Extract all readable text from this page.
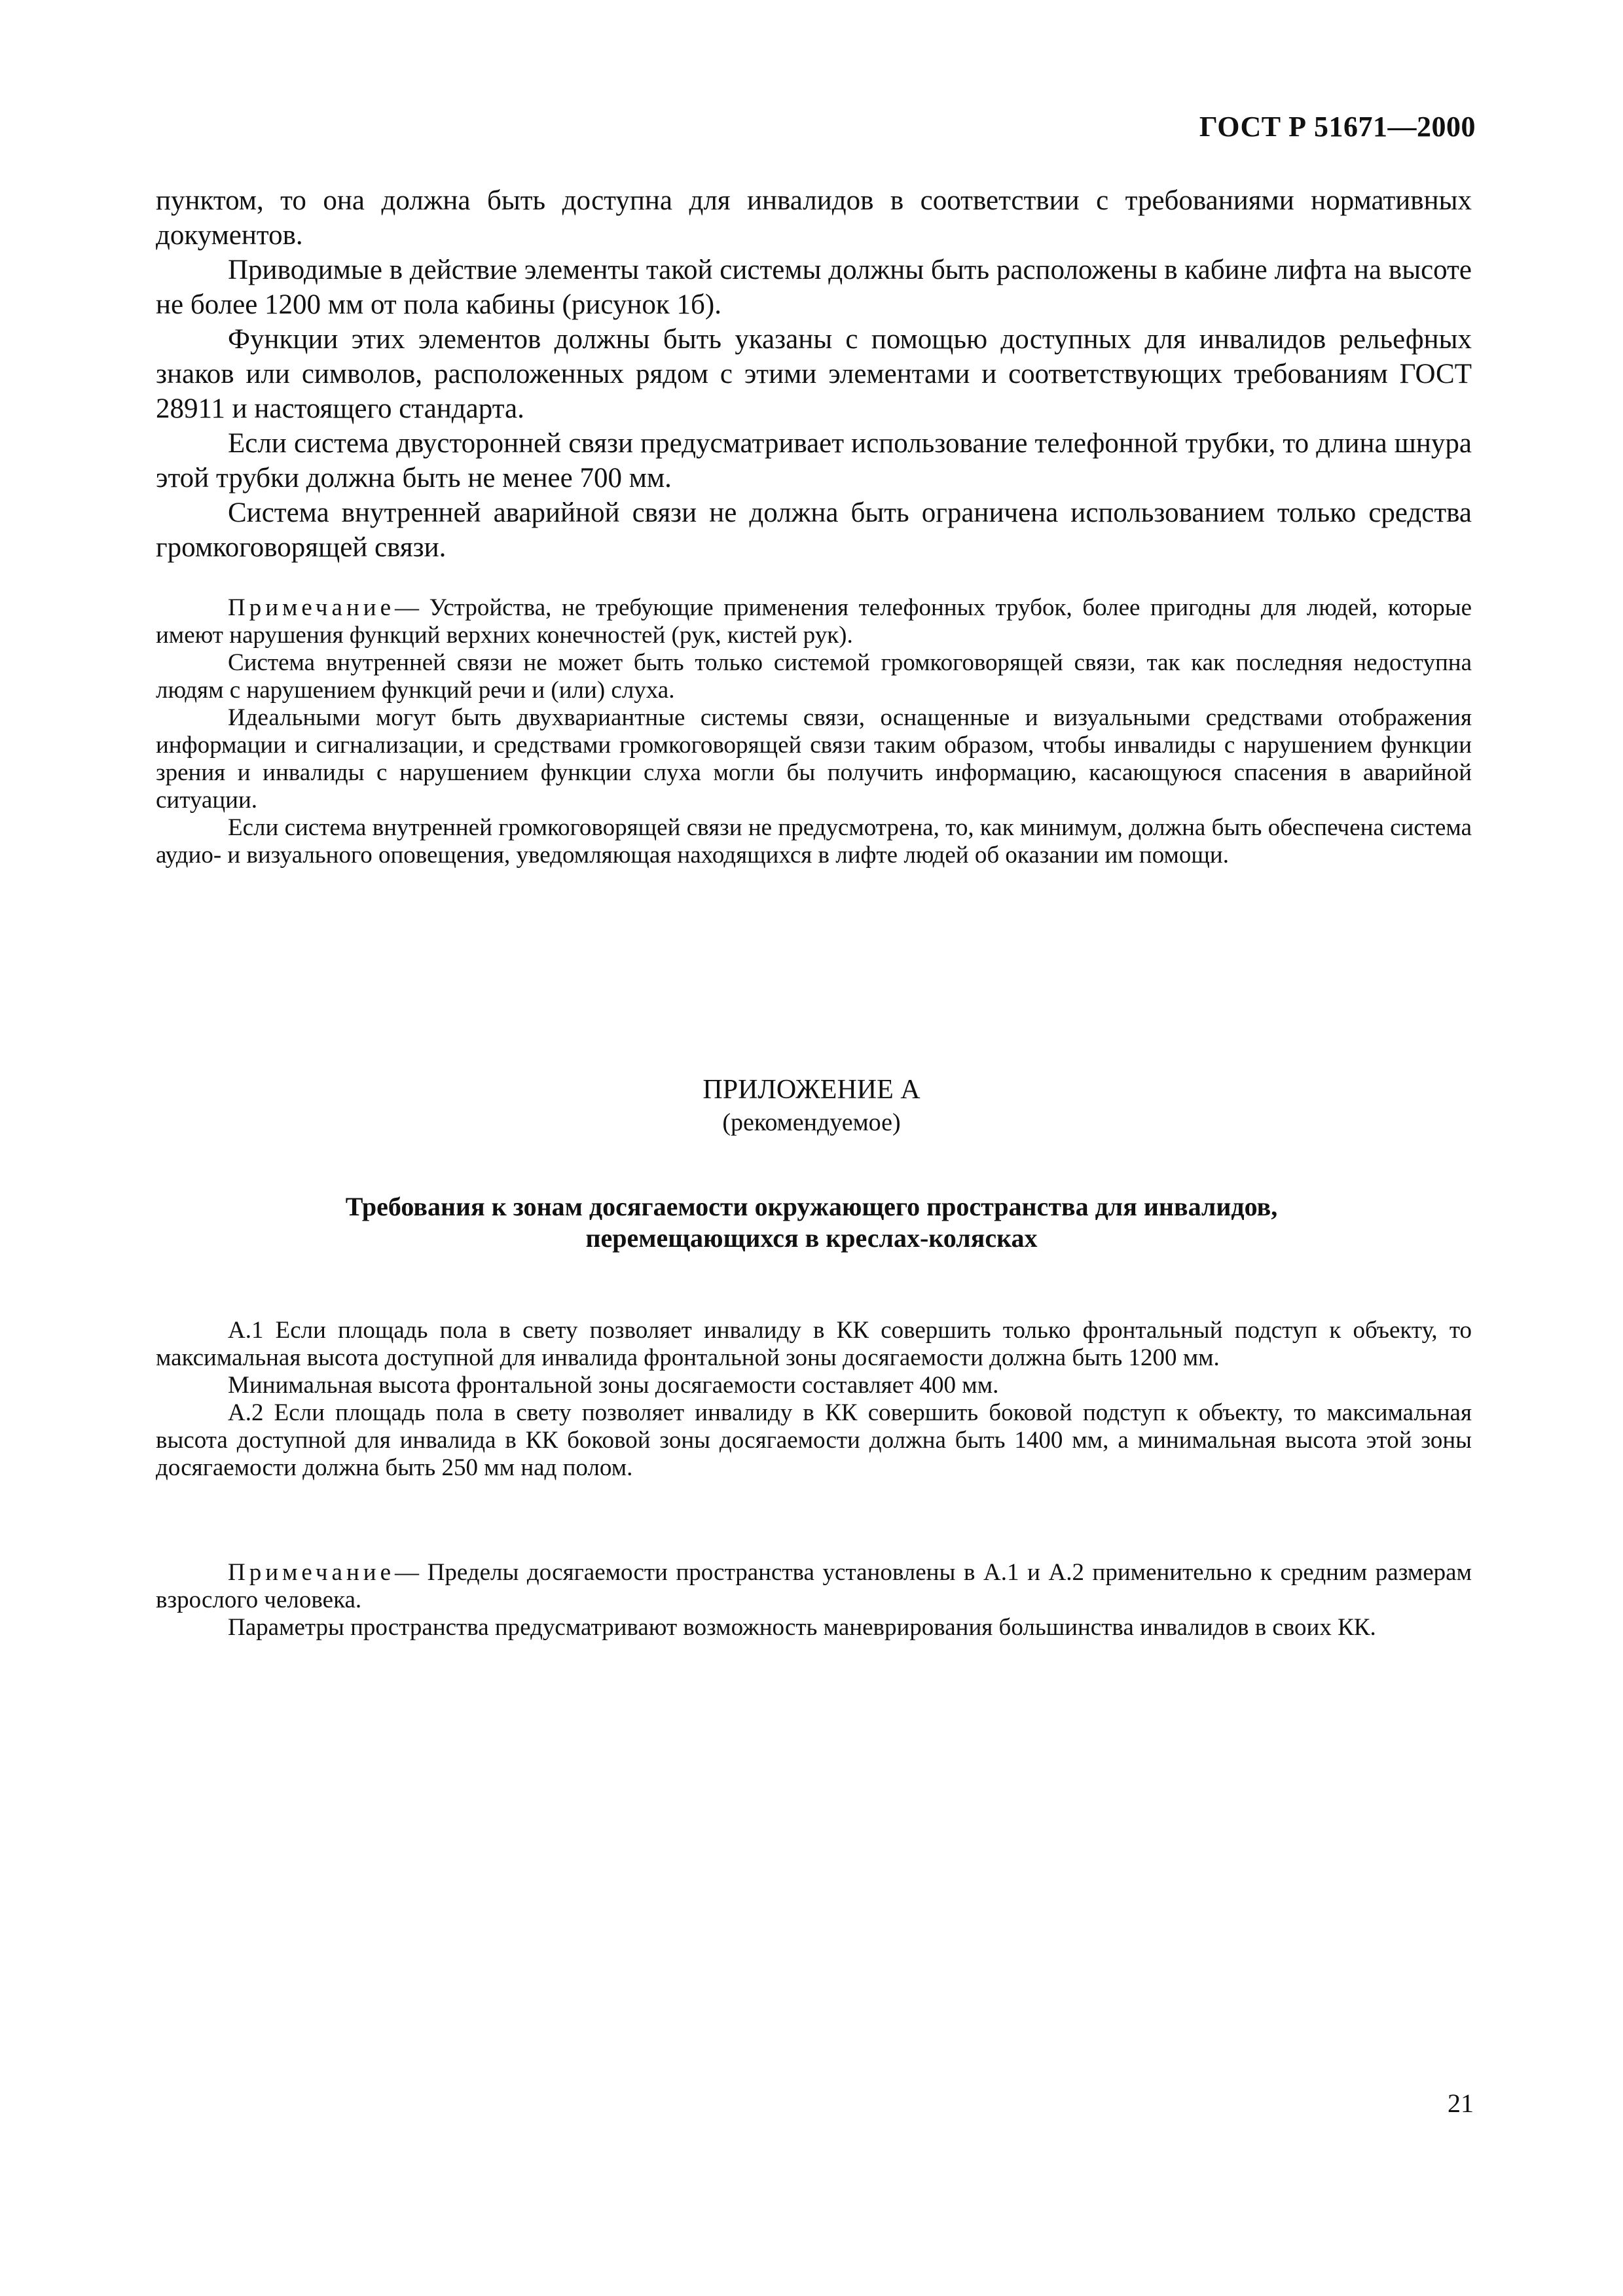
ГОСТ Р 51671—2000

пунктом, то она должна быть доступна для инвалидов в соответствии с требованиями нормативных документов.

Приводимые в действие элементы такой системы должны быть расположены в кабине лифта на высоте не более 1200 мм от пола кабины (рисунок 1б).

Функции этих элементов должны быть указаны с помощью доступных для инвалидов рельефных знаков или символов, расположенных рядом с этими элементами и соответствующих требованиям ГОСТ 28911 и настоящего стандарта.

Если система двусторонней связи предусматривает использование телефонной трубки, то длина шнура этой трубки должна быть не менее 700 мм.

Система внутренней аварийной связи не должна быть ограничена использованием только средства громкоговорящей связи.

Примечание— Устройства, не требующие применения телефонных трубок, более пригодны для людей, которые имеют нарушения функций верхних конечностей (рук, кистей рук).

Система внутренней связи не может быть только системой громкоговорящей связи, так как последняя недоступна людям с нарушением функций речи и (или) слуха.

Идеальными могут быть двухвариантные системы связи, оснащенные и визуальными средствами отображения информации и сигнализации, и средствами громкоговорящей связи таким образом, чтобы инвалиды с нарушением функции зрения и инвалиды с нарушением функции слуха могли бы получить информацию, касающуюся спасения в аварийной ситуации.

Если система внутренней громкоговорящей связи не предусмотрена, то, как минимум, должна быть обеспечена система аудио- и визуального оповещения, уведомляющая находящихся в лифте людей об оказании им помощи.

ПРИЛОЖЕНИЕ А
(рекомендуемое)
Требования к зонам досягаемости окружающего пространства для инвалидов,
перемещающихся в креслах-колясках

А.1 Если площадь пола в свету позволяет инвалиду в КК совершить только фронтальный подступ к объекту, то максимальная высота доступной для инвалида фронтальной зоны досягаемости должна быть 1200 мм.

Минимальная высота фронтальной зоны досягаемости составляет 400 мм.

А.2 Если площадь пола в свету позволяет инвалиду в КК совершить боковой подступ к объекту, то максимальная высота доступной для инвалида в КК боковой зоны досягаемости должна быть 1400 мм, а минимальная высота этой зоны досягаемости должна быть 250 мм над полом.

Примечание— Пределы досягаемости пространства установлены в А.1 и А.2 применительно к средним размерам взрослого человека.

Параметры пространства предусматривают возможность маневрирования большинства инвалидов в своих КК.

21
